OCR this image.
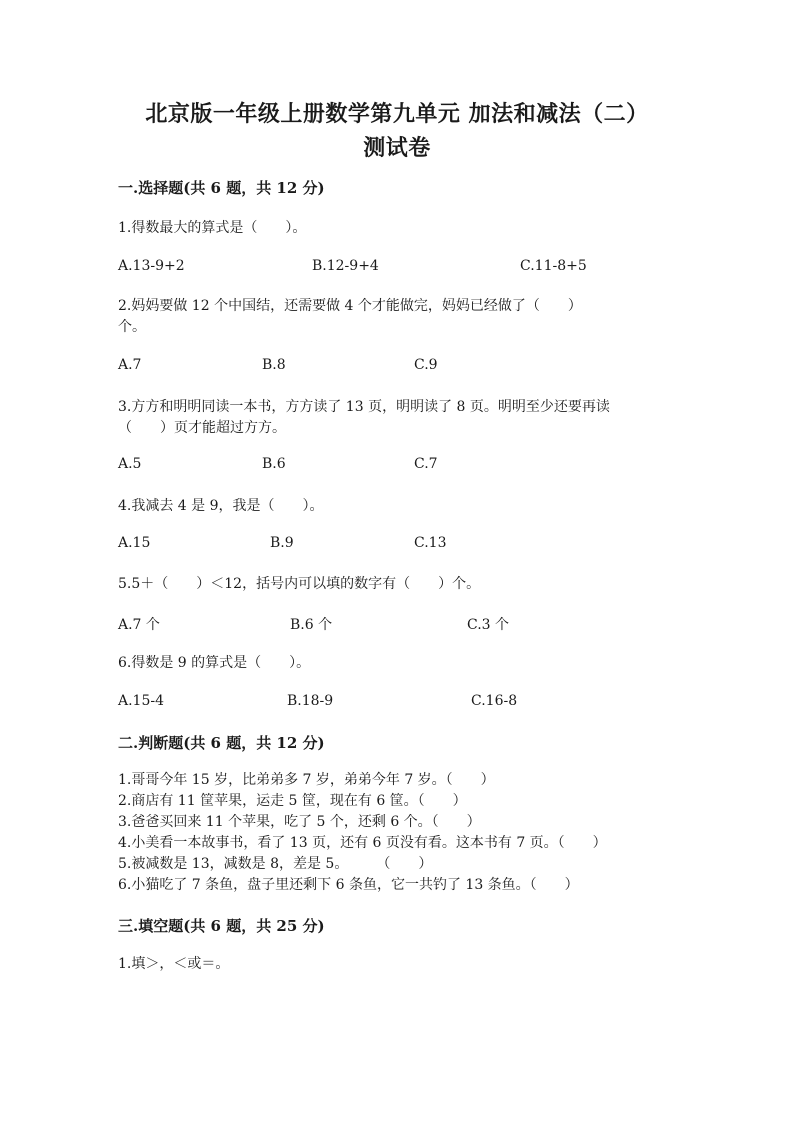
北京版一年级上册数学第九单元 加法和减法（二）
测试卷
一.选择题(共 6 题，共 12 分)
1.得数最大的算式是（　　）。
A.13-9+2	B.12-9+4	C.11-8+5
2.妈妈要做 12 个中国结，还需要做 4 个才能做完，妈妈已经做了（　　）
个。
A.7	B.8	C.9
3.方方和明明同读一本书，方方读了 13 页，明明读了 8 页。明明至少还要再读
（　　）页才能超过方方。
A.5	B.6	C.7
4.我减去 4 是 9，我是（　　）。
A.15	B.9	C.13
5.5＋（　　）＜12，括号内可以填的数字有（　　）个。
A.7 个	B.6 个	C.3 个
6.得数是 9 的算式是（　　）。
A.15-4	B.18-9	C.16-8
二.判断题(共 6 题，共 12 分)
1.哥哥今年 15 岁，比弟弟多 7 岁，弟弟今年 7 岁。（　　）
2.商店有 11 筐苹果，运走 5 筐，现在有 6 筐。（　　）
3.爸爸买回来 11 个苹果，吃了 5 个，还剩 6 个。（　　）
4.小美看一本故事书，看了 13 页，还有 6 页没有看。这本书有 7 页。（　　）
5.被减数是 13，减数是 8，差是 5。　　　（　　）
6.小猫吃了 7 条鱼，盘子里还剩下 6 条鱼，它一共钓了 13 条鱼。（　　）
三.填空题(共 6 题，共 25 分)
1.填＞，＜或＝。
